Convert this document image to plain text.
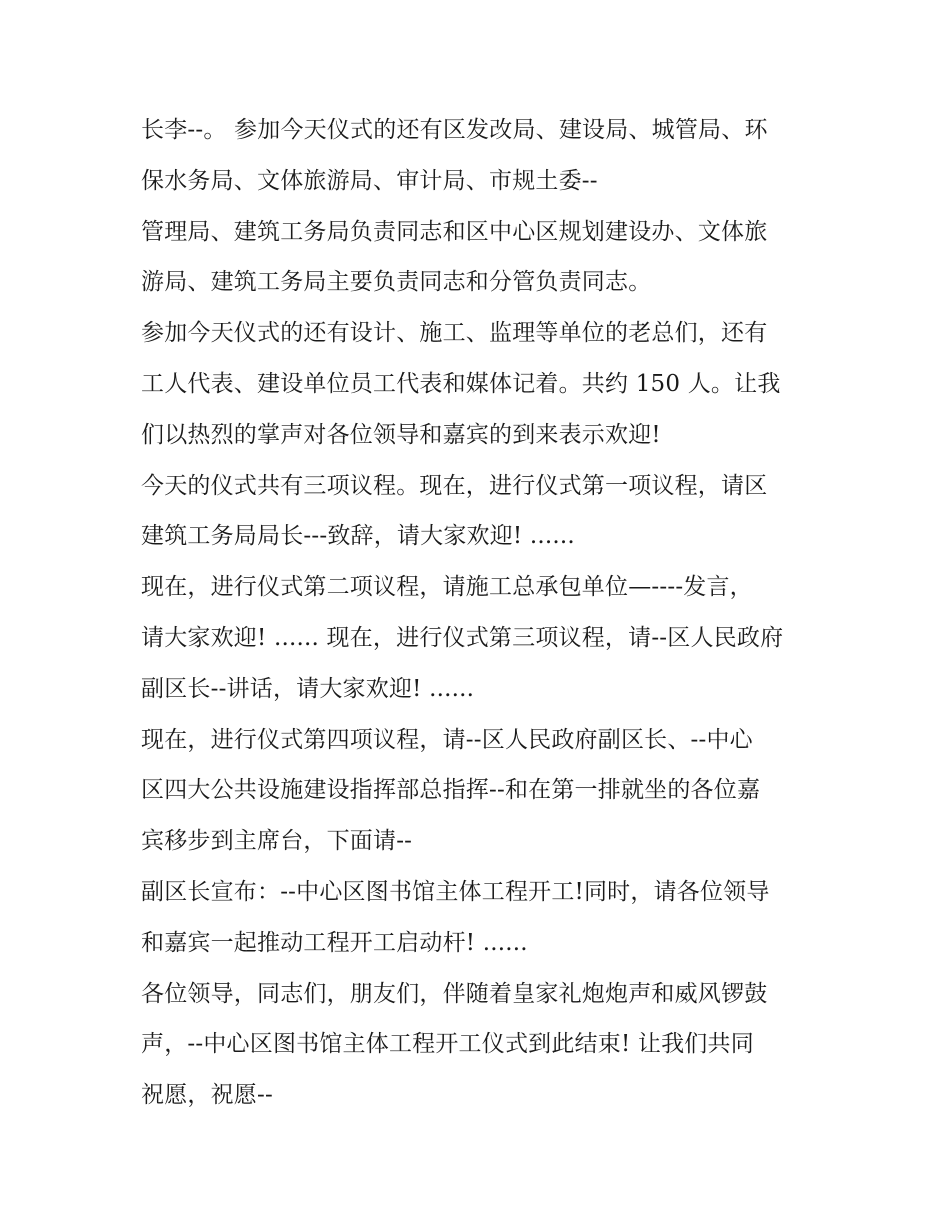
长李--。 参加今天仪式的还有区发改局、建设局、城管局、环
保水务局、文体旅游局、审计局、市规土委--
管理局、建筑工务局负责同志和区中心区规划建设办、文体旅
游局、建筑工务局主要负责同志和分管负责同志。
参加今天仪式的还有设计、施工、监理等单位的老总们，还有
工人代表、建设单位员工代表和媒体记着。共约 150 人。让我
们以热烈的掌声对各位领导和嘉宾的到来表示欢迎!
今天的仪式共有三项议程。现在，进行仪式第一项议程，请区
建筑工务局局长---致辞，请大家欢迎! ......
现在，进行仪式第二项议程，请施工总承包单位—----发言，
请大家欢迎! ...... 现在，进行仪式第三项议程，请--区人民政府
副区长--讲话，请大家欢迎! ......
现在，进行仪式第四项议程，请--区人民政府副区长、--中心
区四大公共设施建设指挥部总指挥--和在第一排就坐的各位嘉
宾移步到主席台，下面请--
副区长宣布：--中心区图书馆主体工程开工!同时，请各位领导
和嘉宾一起推动工程开工启动杆! ......
各位领导，同志们，朋友们，伴随着皇家礼炮炮声和威风锣鼓
声，--中心区图书馆主体工程开工仪式到此结束! 让我们共同
祝愿，祝愿--
